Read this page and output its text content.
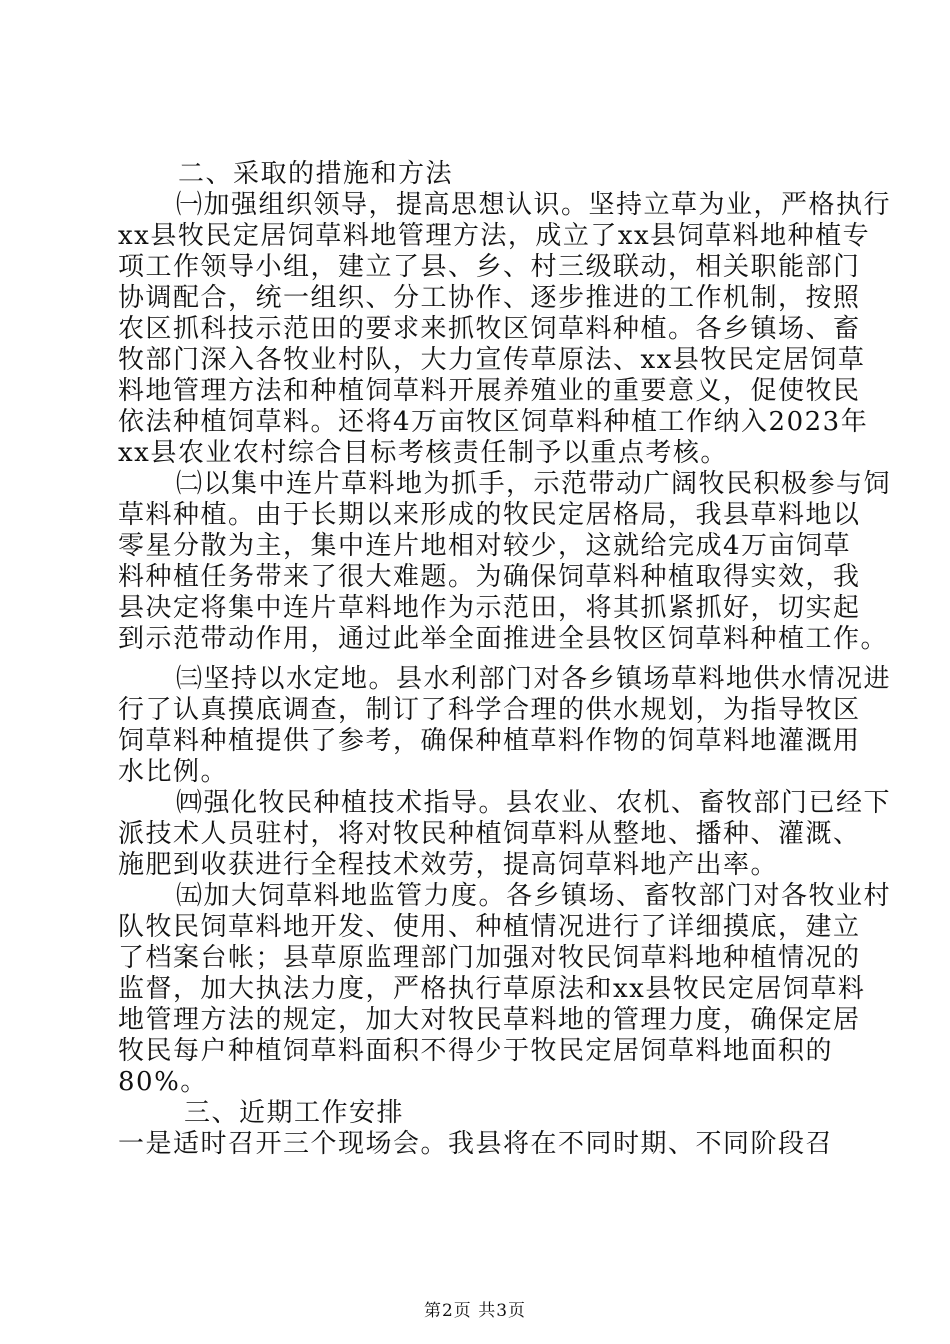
二、采取的措施和方法
㈠加强组织领导，提高思想认识。坚持立草为业，严格执行
xx县牧民定居饲草料地管理方法，成立了xx县饲草料地种植专
项工作领导小组，建立了县、乡、村三级联动，相关职能部门
协调配合，统一组织、分工协作、逐步推进的工作机制，按照
农区抓科技示范田的要求来抓牧区饲草料种植。各乡镇场、畜
牧部门深入各牧业村队，大力宣传草原法、xx县牧民定居饲草
料地管理方法和种植饲草料开展养殖业的重要意义，促使牧民
依法种植饲草料。还将4万亩牧区饲草料种植工作纳入2023年
xx县农业农村综合目标考核责任制予以重点考核。
㈡以集中连片草料地为抓手，示范带动广阔牧民积极参与饲
草料种植。由于长期以来形成的牧民定居格局，我县草料地以
零星分散为主，集中连片地相对较少，这就给完成4万亩饲草
料种植任务带来了很大难题。为确保饲草料种植取得实效，我
县决定将集中连片草料地作为示范田，将其抓紧抓好，切实起
到示范带动作用，通过此举全面推进全县牧区饲草料种植工作。
㈢坚持以水定地。县水利部门对各乡镇场草料地供水情况进
行了认真摸底调查，制订了科学合理的供水规划，为指导牧区
饲草料种植提供了参考，确保种植草料作物的饲草料地灌溉用
水比例。
㈣强化牧民种植技术指导。县农业、农机、畜牧部门已经下
派技术人员驻村，将对牧民种植饲草料从整地、播种、灌溉、
施肥到收获进行全程技术效劳，提高饲草料地产出率。
㈤加大饲草料地监管力度。各乡镇场、畜牧部门对各牧业村
队牧民饲草料地开发、使用、种植情况进行了详细摸底，建立
了档案台帐；县草原监理部门加强对牧民饲草料地种植情况的
监督，加大执法力度，严格执行草原法和xx县牧民定居饲草料
地管理方法的规定，加大对牧民草料地的管理力度，确保定居
牧民每户种植饲草料面积不得少于牧民定居饲草料地面积的
80%。
三、近期工作安排
一是适时召开三个现场会。我县将在不同时期、不同阶段召
第2页 共3页
